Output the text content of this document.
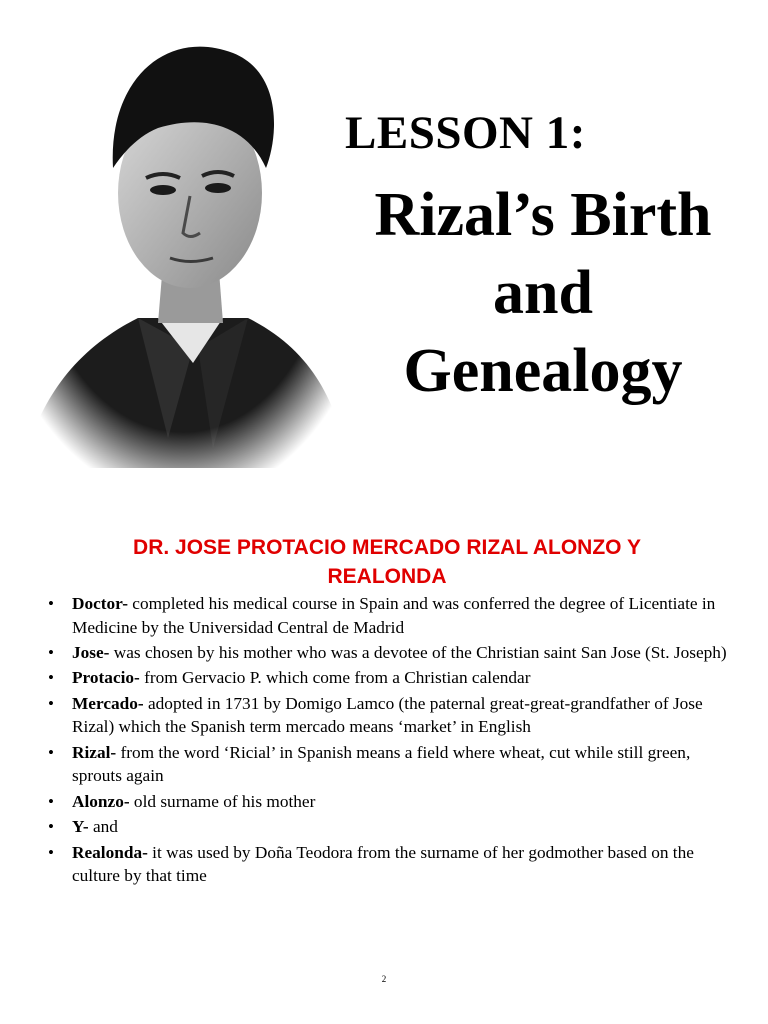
LESSON 1:
Rizal’s Birth
and
Genealogy
DR. JOSE PROTACIO MERCADO RIZAL ALONZO Y
REALONDA
• Doctor- completed his medical course in Spain and was conferred the degree of Licentiate in Medicine by the Universidad Central de Madrid
• Jose- was chosen by his mother who was a devotee of the Christian saint San Jose (St. Joseph)
• Protacio- from Gervacio P. which come from a Christian calendar
• Mercado- adopted in 1731 by Domigo Lamco (the paternal great-great-grandfather of Jose Rizal) which the Spanish term mercado means ‘market’ in English
• Rizal- from the word ‘Ricial’ in Spanish means a field where wheat, cut while still green, sprouts again
• Alonzo- old surname of his mother
• Y- and
• Realonda- it was used by Doña Teodora from the surname of her godmother based on the culture by that time
2
